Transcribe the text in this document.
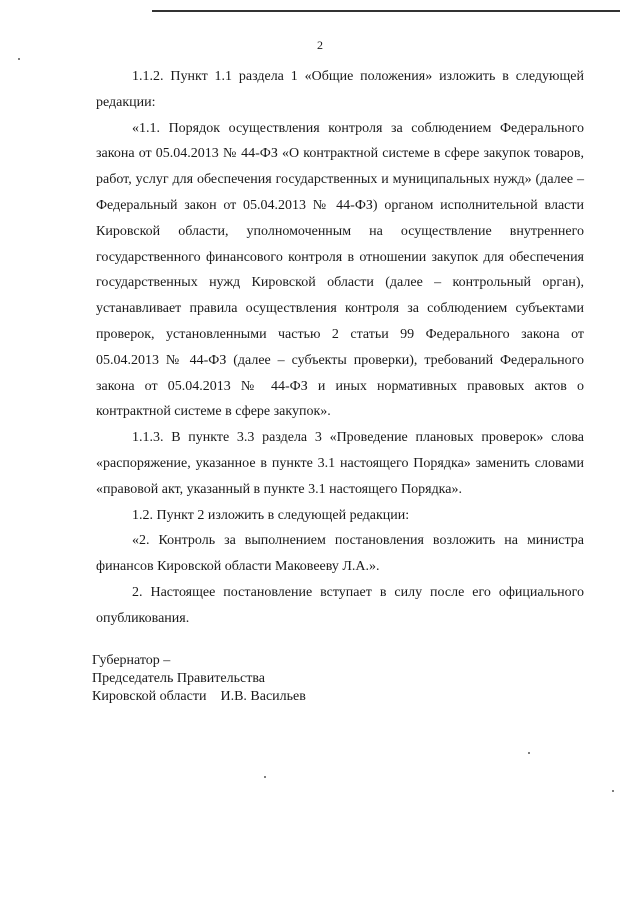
2

1.1.2. Пункт 1.1 раздела 1 «Общие положения» изложить в следующей редакции:

«1.1. Порядок осуществления контроля за соблюдением Федерального закона от 05.04.2013 № 44-ФЗ «О контрактной системе в сфере закупок товаров, работ, услуг для обеспечения государственных и муниципальных нужд» (далее – Федеральный закон от 05.04.2013 № 44-ФЗ) органом исполнительной власти Кировской области, уполномоченным на осуществление внутреннего государственного финансового контроля в отношении закупок для обеспечения государственных нужд Кировской области (далее – контрольный орган), устанавливает правила осуществления контроля за соблюдением субъектами проверок, установленными частью 2 статьи 99 Федерального закона от 05.04.2013 № 44-ФЗ (далее – субъекты проверки), требований Федерального закона от 05.04.2013 № 44-ФЗ и иных нормативных правовых актов о контрактной системе в сфере закупок».

1.1.3. В пункте 3.3 раздела 3 «Проведение плановых проверок» слова «распоряжение, указанное в пункте 3.1 настоящего Порядка» заменить словами «правовой акт, указанный в пункте 3.1 настоящего Порядка».

1.2. Пункт 2 изложить в следующей редакции:

«2. Контроль за выполнением постановления возложить на министра финансов Кировской области Маковееву Л.А.».

2. Настоящее постановление вступает в силу после его официального опубликования.

Губернатор –
Председатель Правительства
Кировской области    И.В. Васильев
